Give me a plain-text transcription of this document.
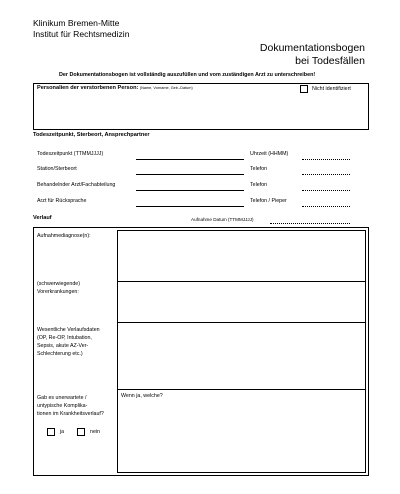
Klinikum Bremen-Mitte
Institut für Rechtsmedizin
Dokumentationsbogen
bei Todesfällen
Der Dokumentationsbogen ist vollständig auszufüllen und vom zuständigen Arzt zu unterschreiben!
Personalien der verstorbenen Person: (Name, Vorname, Geb.-Datum)	Nicht identifiziert
Todeszeitpunkt, Sterbeort, Ansprechpartner
Todeszeitpunkt (TTMMJJJJ)	Uhrzeit (HHMM)
Station/Sterbeort	Telefon
Behandelnder Arzt/Fachabteilung	Telefon
Arzt für Rücksprache	Telefon / Pieper
Verlauf	Aufnahme Datum (TTMMJJJJ)
Aufnahmediagnose(n):
(schwerwiegende)
Vorerkrankungen:
Wesentliche Verlaufsdaten
(OP, Re-OP, Intubation,
Sepsis, akute AZ-Ver-
Schlechterung etc.)
Gab es unerwartete /
untypische Komplika-
tionen im Krankheitsverlauf?
Wenn ja, welche?
ja	nein
